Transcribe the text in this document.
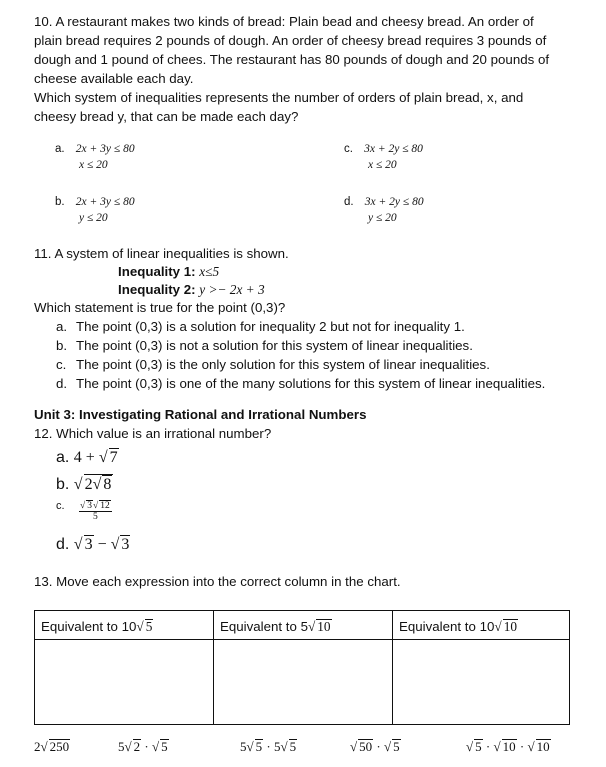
10. A restaurant makes two kinds of bread: Plain bead and cheesy bread. An order of
plain bread requires 2 pounds of dough. An order of cheesy bread requires 3 pounds of
dough and 1 pound of chees. The restaurant has 80 pounds of dough and 20 pounds of
cheese available each day.
Which system of inequalities represents the number of orders of plain bread, x, and
cheesy bread y, that can be made each day?
a. 2x + 3y ≤ 80
x ≤ 20
c. 3x + 2y ≤ 80
x ≤ 20
b. 2x + 3y ≤ 80
y ≤ 20
d. 3x + 2y ≤ 80
y ≤ 20
11. A system of linear inequalities is shown.
Inequality 1: x≤5
Inequality 2: y >− 2x + 3
Which statement is true for the point (0,3)?
a. The point (0,3) is a solution for inequality 2 but not for inequality 1.
b. The point (0,3) is not a solution for this system of linear inequalities.
c. The point (0,3) is the only solution for this system of linear inequalities.
d. The point (0,3) is one of the many solutions for this system of linear inequalities.
Unit 3: Investigating Rational and Irrational Numbers
12. Which value is an irrational number?
a. 4 + √ 7
b. √ 2√ 8
$^{c.} \frac{√ 3√ 12}{5}$
d. √ 3 − √ 3
13. Move each expression into the correct column in the chart.
Equivalent to 10√ 5	Equivalent to 5√ 10	Equivalent to 10√ 10

2√ 250	5√ 2 · √ 5	5√ 5 · 5√ 5	√ 50 · √ 5	√ 5 · √ 10 · √ 10
